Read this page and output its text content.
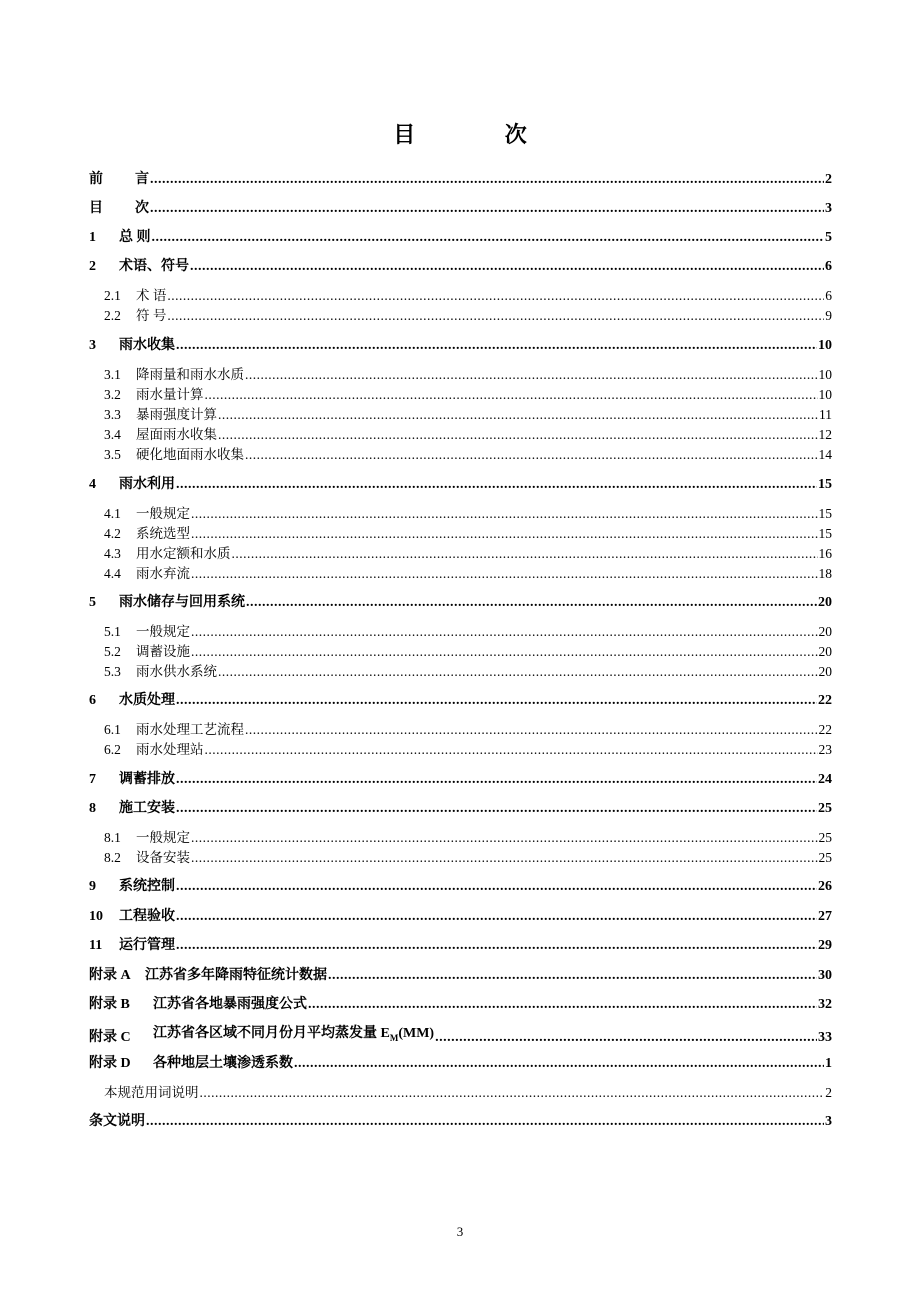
目 次
前	言 .....	2
目	次 .....	3
1	总 则 .....	5
2	术语、符号 .....	6
2.1	术 语 .....	6
2.2	符 号 .....	9
3	雨水收集 .....	10
3.1	降雨量和雨水水质 .....	10
3.2	雨水量计算 .....	10
3.3	暴雨强度计算 .....	11
3.4	屋面雨水收集 .....	12
3.5	硬化地面雨水收集 .....	14
4	雨水利用 .....	15
4.1	一般规定 .....	15
4.2	系统选型 .....	15
4.3	用水定额和水质 .....	16
4.4	雨水弃流 .....	18
5	雨水储存与回用系统 .....	20
5.1	一般规定 .....	20
5.2	调蓄设施 .....	20
5.3	雨水供水系统 .....	20
6	水质处理 .....	22
6.1	雨水处理工艺流程 .....	22
6.2	雨水处理站 .....	23
7	调蓄排放 .....	24
8	施工安装 .....	25
8.1	一般规定 .....	25
8.2	设备安装 .....	25
9	系统控制 .....	26
10	工程验收 .....	27
11	运行管理 .....	29
附录 A	江苏省多年降雨特征统计数据 .....	30
附录 B	江苏省各地暴雨强度公式 .....	32
附录 C	江苏省各区域不同月份月平均蒸发量 $E_M(MM)$ .....	33
附录 D	各种地层土壤渗透系数 .....	1
本规范用词说明 .....	2
条文说明 .....	3
3
